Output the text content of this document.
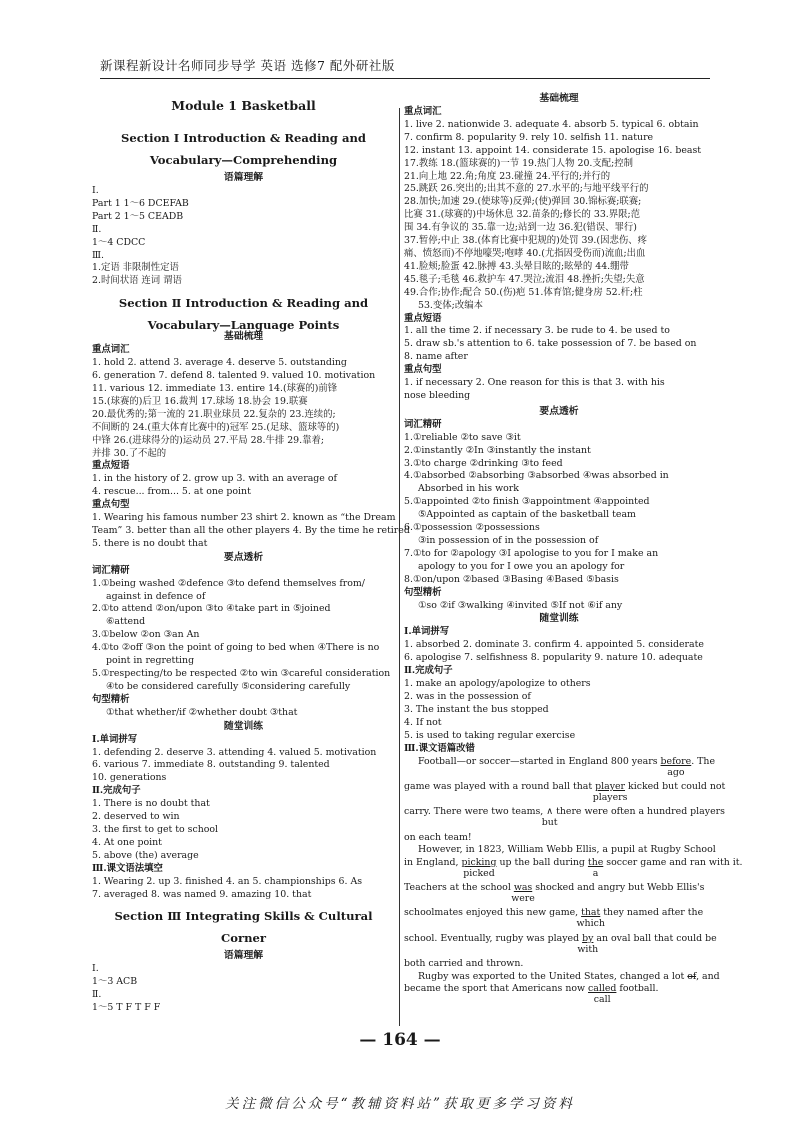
新课程新设计名师同步导学 英语 选修7 配外研社版
Module 1 Basketball
Section Ⅰ Introduction & Reading and
Vocabulary—Comprehending
语篇理解
Ⅰ.
Part 1 1～6 DCEFAB
Part 2 1～5 CEADB
Ⅱ.
1～4 CDCC
Ⅲ.
1.定语 非限制性定语
2.时间状语 连词 谓语
Section Ⅱ Introduction & Reading and
Vocabulary—Language Points
基础梳理
重点词汇
1. hold 2. attend 3. average 4. deserve 5. outstanding
6. generation 7. defend 8. talented 9. valued 10. motivation
11. various 12. immediate 13. entire 14.(球赛的)前锋
15.(球赛的)后卫 16.裁判 17.球场 18.协会 19.联赛
20.最优秀的;第一流的 21.职业球员 22.复杂的 23.连续的;
不间断的 24.(重大体育比赛中的)冠军 25.(足球、篮球等的)
中锋 26.(进球得分的)运动员 27.平局 28.牛排 29.靠着;
并排 30.了不起的
重点短语
1. in the history of 2. grow up 3. with an average of
4. rescue... from... 5. at one point
重点句型
1. Wearing his famous number 23 shirt 2. known as “the Dream
Team” 3. better than all the other players 4. By the time he retired
5. there is no doubt that
要点透析
词汇精研
1.①being washed ②defence ③to defend themselves from/
against in defence of
2.①to attend ②on/upon ③to ④take part in ⑤joined
⑥attend
3.①below ②on ③an An
4.①to ②off ③on the point of going to bed when ④There is no
point in regretting
5.①respecting/to be respected ②to win ③careful consideration
④to be considered carefully ⑤considering carefully
句型精析
①that whether/if ②whether doubt ③that
随堂训练
Ⅰ.单词拼写
1. defending 2. deserve 3. attending 4. valued 5. motivation
6. various 7. immediate 8. outstanding 9. talented
10. generations
Ⅱ.完成句子
1. There is no doubt that
2. deserved to win
3. the first to get to school
4. At one point
5. above (the) average
Ⅲ.课文语法填空
1. Wearing 2. up 3. finished 4. an 5. championships 6. As
7. averaged 8. was named 9. amazing 10. that
Section Ⅲ Integrating Skills & Cultural Corner
语篇理解
Ⅰ.
1～3 ACB
Ⅱ.
1～5 T F T F F
基础梳理
重点词汇
1. live 2. nationwide 3. adequate 4. absorb 5. typical 6. obtain
7. confirm 8. popularity 9. rely 10. selfish 11. nature
12. instant 13. appoint 14. considerate 15. apologise 16. beast
17.教练 18.(篮球赛的)一节 19.热门人物 20.支配;控制
21.向上地 22.角;角度 23.碰撞 24.平行的;并行的
25.跳跃 26.突出的;出其不意的 27.水平的;与地平线平行的
28.加快;加速 29.(使球等)反弹;(使)弹回 30.锦标赛;联赛;
比赛 31.(球赛的)中场休息 32.苗条的;修长的 33.界限;范
围 34.有争议的 35.靠一边;站到一边 36.犯(错误、罪行)
37.暂停;中止 38.(体育比赛中犯规的)处罚 39.(因悲伤、疼
痛、愤怒而)不停地嚎哭;咆哮 40.(尤指因受伤而)流血;出血
41.脸颊;脸蛋 42.脉搏 43.头晕目眩的;眩晕的 44.绷带
45.毯子;毛毯 46.救护车 47.哭泣;流泪 48.挫折;失望;失意
49.合作;协作;配合 50.(伤)疤 51.体育馆;健身房 52.杆;柱
53.变体;改编本
重点短语
1. all the time 2. if necessary 3. be rude to 4. be used to
5. draw sb.'s attention to 6. take possession of 7. be based on
8. name after
重点句型
1. if necessary 2. One reason for this is that 3. with his
nose bleeding
要点透析
词汇精研
1.①reliable ②to save ③it
2.①instantly ②In ③instantly the instant
3.①to charge ②drinking ③to feed
4.①absorbed ②absorbing ③absorbed ④was absorbed in
Absorbed in his work
5.①appointed ②to finish ③appointment ④appointed
⑤Appointed as captain of the basketball team
6.①possession ②possessions
③in possession of in the possession of
7.①to for ②apology ③I apologise to you for I make an
apology to you for I owe you an apology for
8.①on/upon ②based ③Basing ④Based ⑤basis
句型精析
①so ②if ③walking ④invited ⑤If not ⑥if any
随堂训练
Ⅰ.单词拼写
1. absorbed 2. dominate 3. confirm 4. appointed 5. considerate
6. apologise 7. selfishness 8. popularity 9. nature 10. adequate
Ⅱ.完成句子
1. make an apology/apologize to others
2. was in the possession of
3. The instant the bus stopped
4. If not
5. is used to taking regular exercise
Ⅲ.课文语篇改错
Football—or soccer—started in England 800 years before
ago
. The
game was played with a round ball that player
players
kicked but could not
carry. There were two teams, ∧
but
there were often a hundred players
on each team!
However, in 1823, William Webb Ellis, a pupil at Rugby School
in England, picking
picked
up the ball during the
a
soccer game and ran with it.
Teachers at the school was
were
shocked and angry but Webb Ellis's
schoolmates enjoyed this new game, that
which
they named after the
school. Eventually, rugby was played by
with
an oval ball that could be
both carried and thrown.
Rugby was exported to the United States, changed a lot of, and
became the sport that Americans now called
call
football.
— 164 —
关注微信公众号“教辅资料站”获取更多学习资料
